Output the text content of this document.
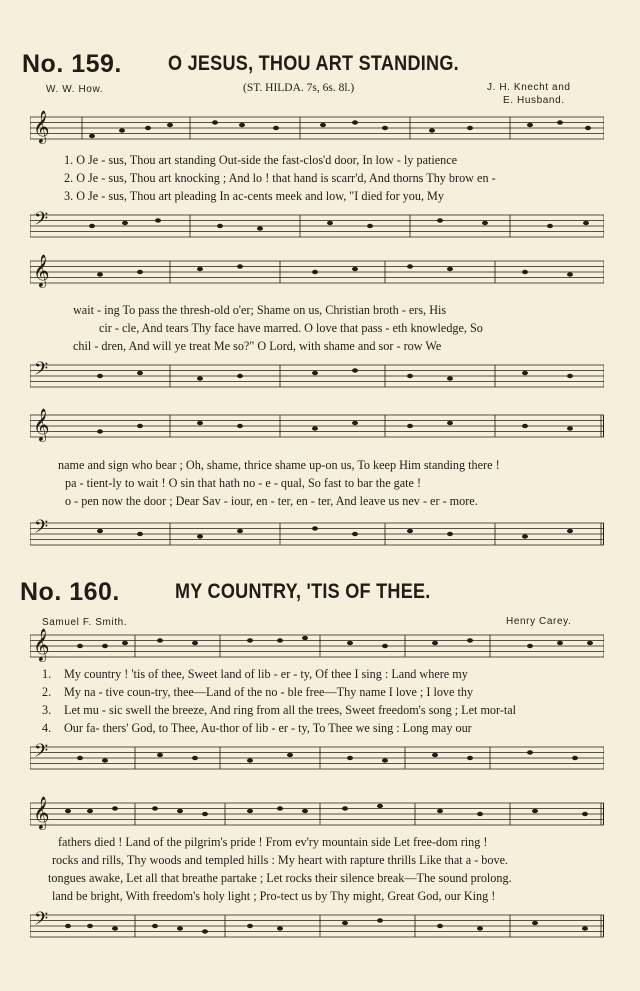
No. 159. O JESUS, THOU ART STANDING.
W. W. How.	(ST. HILDA. 7s, 6s. 8l.)	J. H. Knecht and
E. Husband.
𝄞
1. O Je - sus, Thou art standing Out-side the fast-clos'd door, In low - ly patience
2. O Je - sus, Thou art knocking ; And lo ! that hand is scarr'd, And thorns Thy brow en -
3. O Je - sus, Thou art pleading In ac-cents meek and low, "I died for you, My
𝄢
𝄞
wait - ing To pass the thresh-old o'er; Shame on us, Christian broth - ers, His
cir - cle, And tears Thy face have marred. O love that pass - eth knowledge, So
chil - dren, And will ye treat Me so?" O Lord, with shame and sor - row We
𝄢
𝄞
name and sign who bear ; Oh, shame, thrice shame up-on us, To keep Him standing there !
pa - tient-ly to wait ! O sin that hath no - e - qual, So fast to bar the gate !
o - pen now the door ; Dear Sav - iour, en - ter, en - ter, And leave us nev - er - more.
𝄢
No. 160.	MY COUNTRY, 'TIS OF THEE.
Samuel F. Smith.	Henry Carey.
𝄞
1. My country ! 'tis of thee, Sweet land of lib - er - ty, Of thee I sing : Land where my
2. My na - tive coun-try, thee—Land of the no - ble free—Thy name I love ; I love thy
3. Let mu - sic swell the breeze, And ring from all the trees, Sweet freedom's song ; Let mor-tal
4. Our fa- thers' God, to Thee, Au-thor of lib - er - ty, To Thee we sing : Long may our
𝄢
𝄞
fathers died ! Land of the pilgrim's pride ! From ev'ry mountain side Let free-dom ring !
rocks and rills, Thy woods and templed hills : My heart with rapture thrills Like that a - bove.
tongues awake, Let all that breathe partake ; Let rocks their silence break—The sound prolong.
land be bright, With freedom's holy light ; Pro-tect us by Thy might, Great God, our King !
𝄢
